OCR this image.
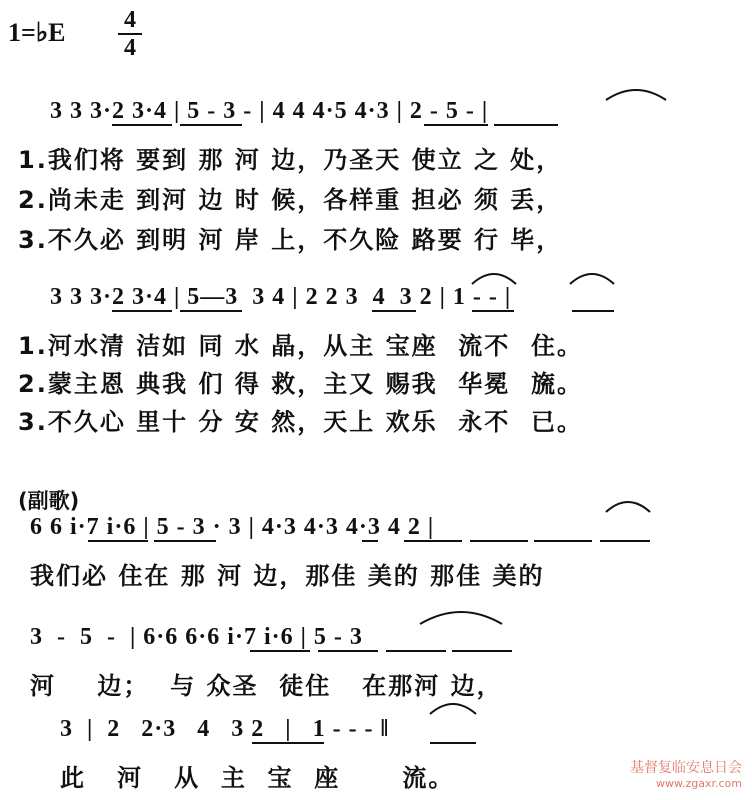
1=♭E 4
4
3 3 3·2 3·4 | 5 - 3 - | 4 4 4·5 4·3 | 2 - 5 - |
1.我们将 要到 那 河 边，乃圣天 使立 之 处，
2.尚未走 到河 边 时 候，各样重 担必 须 丢，
3.不久必 到明 河 岸 上，不久险 路要 行 毕，
3 3 3·2 3·4 | 5—3  3 4 | 2 2 3  4  3 2 | 1 - - |
1.河水清 洁如 同 水 晶，从主 宝座  流不  住。
2.蒙主恩 典我 们 得 救，主又 赐我  华冕  旒。
3.不久心 里十 分 安 然，天上 欢乐  永不  已。
(副歌)
6 6 i·7 i·6 | 5 - 3 · 3 | 4·3 4·3 4·3 4 2 |
我们必 住在 那 河 边，那佳 美的 那佳 美的
3  -  5  -  | 6·6 6·6 i·7 i·6 | 5 - 3
河    边；  与 众圣  徒住   在那河 边，
3  |  2   2·3   4   3 2   |   1 - - - ‖
此   河   从  主  宝  座      流。	基督复临安息日会
www.zgaxr.com
